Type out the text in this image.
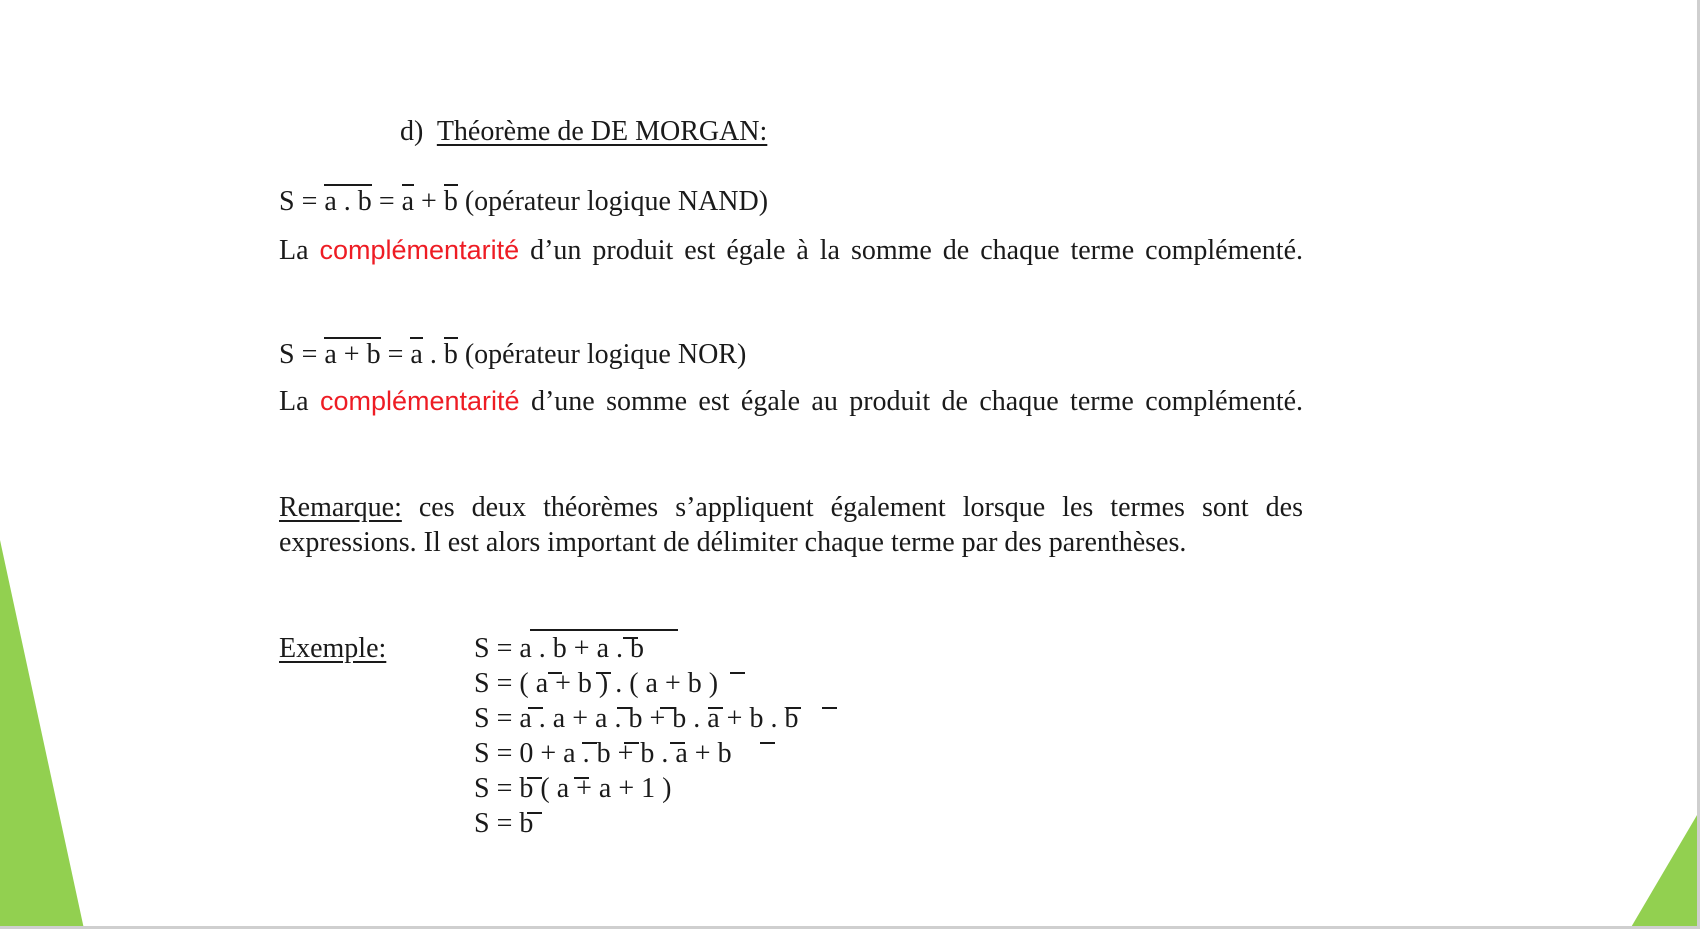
d) Théorème de DE MORGAN:
S = a . b = a + b (opérateur logique NAND)
La complémentarité d’un produit est égale à la somme de chaque terme complémenté.
S = a + b = a . b (opérateur logique NOR)
La complémentarité d’une somme est égale au produit de chaque terme complémenté.
Remarque: ces deux théorèmes s’appliquent également lorsque les termes sont des expressions. Il est alors important de délimiter chaque terme par des parenthèses.
Exemple:	S = a . b + a . b
S = ( a + b ) . ( a + b )
S = a . a + a . b + b . a + b . b
S = 0 + a . b + b . a + b
S = b ( a + a + 1 )
S = b
